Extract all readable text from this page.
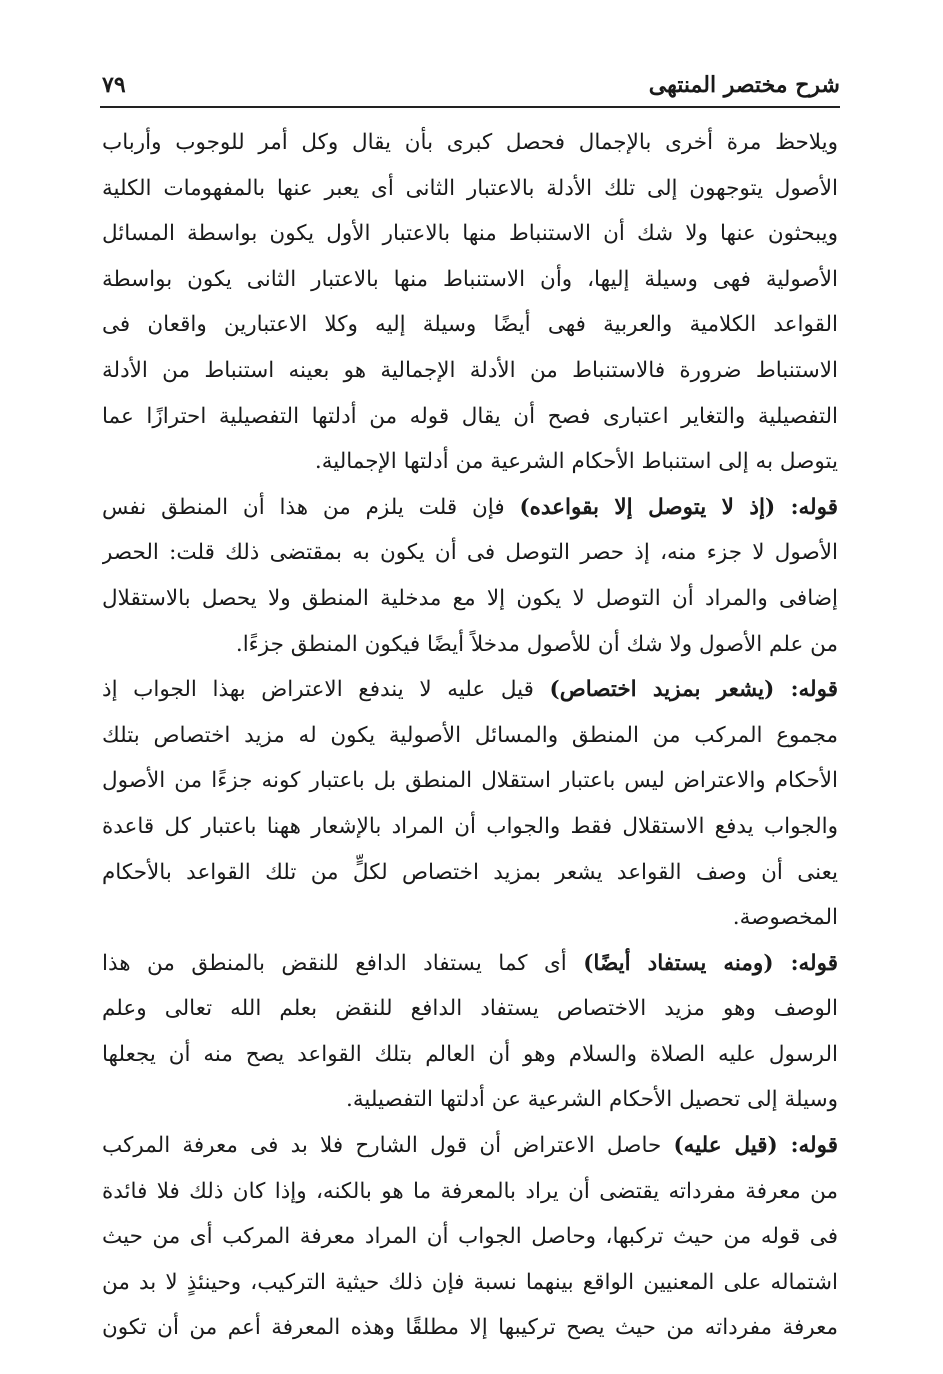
شرح مختصر المنتهى
٧٩
ويلاحظ مرة أخرى بالإجمال فحصل كبرى بأن يقال وكل أمر للوجوب وأرباب
الأصول يتوجهون إلى تلك الأدلة بالاعتبار الثانى أى يعبر عنها بالمفهومات الكلية
ويبحثون عنها ولا شك أن الاستنباط منها بالاعتبار الأول يكون بواسطة المسائل
الأصولية فهى وسيلة إليها، وأن الاستنباط منها بالاعتبار الثانى يكون بواسطة
القواعد الكلامية والعربية فهى أيضًا وسيلة إليه وكلا الاعتبارين واقعان فى
الاستنباط ضرورة فالاستنباط من الأدلة الإجمالية هو بعينه استنباط من الأدلة
التفصيلية والتغاير اعتبارى فصح أن يقال قوله من أدلتها التفصيلية احترازًا عما
يتوصل به إلى استنباط الأحكام الشرعية من أدلتها الإجمالية.
قوله: (إذ لا يتوصل إلا بقواعده) فإن قلت يلزم من هذا أن المنطق نفس
الأصول لا جزء منه، إذ حصر التوصل فى أن يكون به بمقتضى ذلك قلت: الحصر
إضافى والمراد أن التوصل لا يكون إلا مع مدخلية المنطق ولا يحصل بالاستقلال
من علم الأصول ولا شك أن للأصول مدخلاً أيضًا فيكون المنطق جزءًا.
قوله: (يشعر بمزيد اختصاص) قيل عليه لا يندفع الاعتراض بهذا الجواب إذ
مجموع المركب من المنطق والمسائل الأصولية يكون له مزيد اختصاص بتلك
الأحكام والاعتراض ليس باعتبار استقلال المنطق بل باعتبار كونه جزءًا من الأصول
والجواب يدفع الاستقلال فقط والجواب أن المراد بالإشعار ههنا باعتبار كل قاعدة
يعنى أن وصف القواعد يشعر بمزيد اختصاص لكلٍّ من تلك القواعد بالأحكام
المخصوصة.
قوله: (ومنه يستفاد أيضًا) أى كما يستفاد الدافع للنقض بالمنطق من هذا
الوصف وهو مزيد الاختصاص يستفاد الدافع للنقض بعلم الله تعالى وعلم
الرسول عليه الصلاة والسلام وهو أن العالم بتلك القواعد يصح منه أن يجعلها
وسيلة إلى تحصيل الأحكام الشرعية عن أدلتها التفصيلية.
قوله: (قيل عليه) حاصل الاعتراض أن قول الشارح فلا بد فى معرفة المركب
من معرفة مفرداته يقتضى أن يراد بالمعرفة ما هو بالكنه، وإذا كان ذلك فلا فائدة
فى قوله من حيث تركبها، وحاصل الجواب أن المراد معرفة المركب أى من حيث
اشتماله على المعنيين الواقع بينهما نسبة فإن ذلك حيثية التركيب، وحينئذٍ لا بد من
معرفة مفرداته من حيث يصح تركيبها إلا مطلقًا وهذه المعرفة أعم من أن تكون
